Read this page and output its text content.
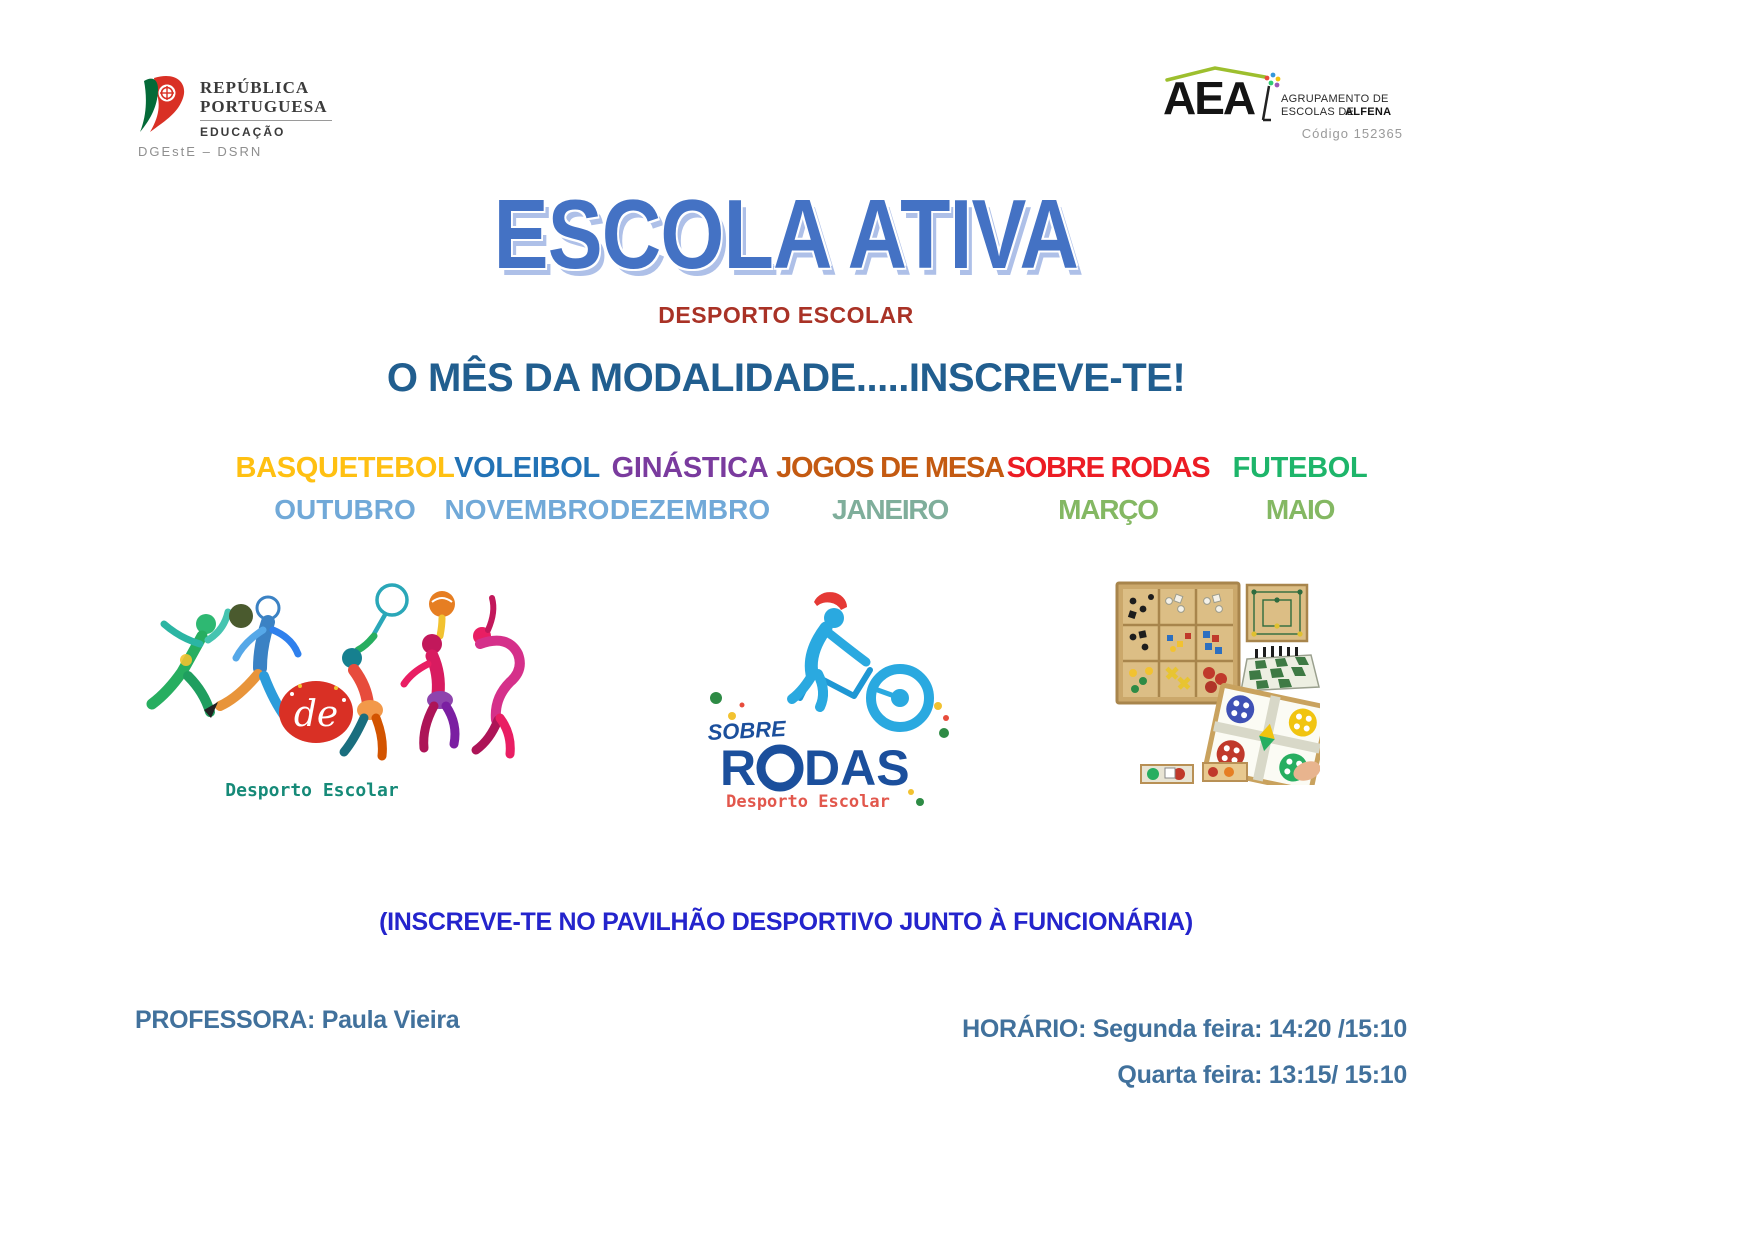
REPÚBLICA
PORTUGUESA
EDUCAÇÃO
DGEstE – DSRN
AEA AGRUPAMENTO DE
ESCOLAS DE
ALFENA
Código 152365
ESCOLA ATIVA
DESPORTO ESCOLAR
O MÊS DA MODALIDADE.....INSCREVE-TE!
BASQUETEBOL
OUTUBRO
VOLEIBOL
NOVEMBRO
GINÁSTICA
DEZEMBRO
JOGOS DE MESA
JANEIRO
SOBRE RODAS
MARÇO
FUTEBOL
MAIO
de
Desporto Escolar
SOBRE
R DAS
Desporto Escolar
(INSCREVE-TE NO PAVILHÃO DESPORTIVO JUNTO À FUNCIONÁRIA)
PROFESSORA: Paula Vieira	HORÁRIO: Segunda feira: 14:20 /15:10
Quarta feira: 13:15/ 15:10
